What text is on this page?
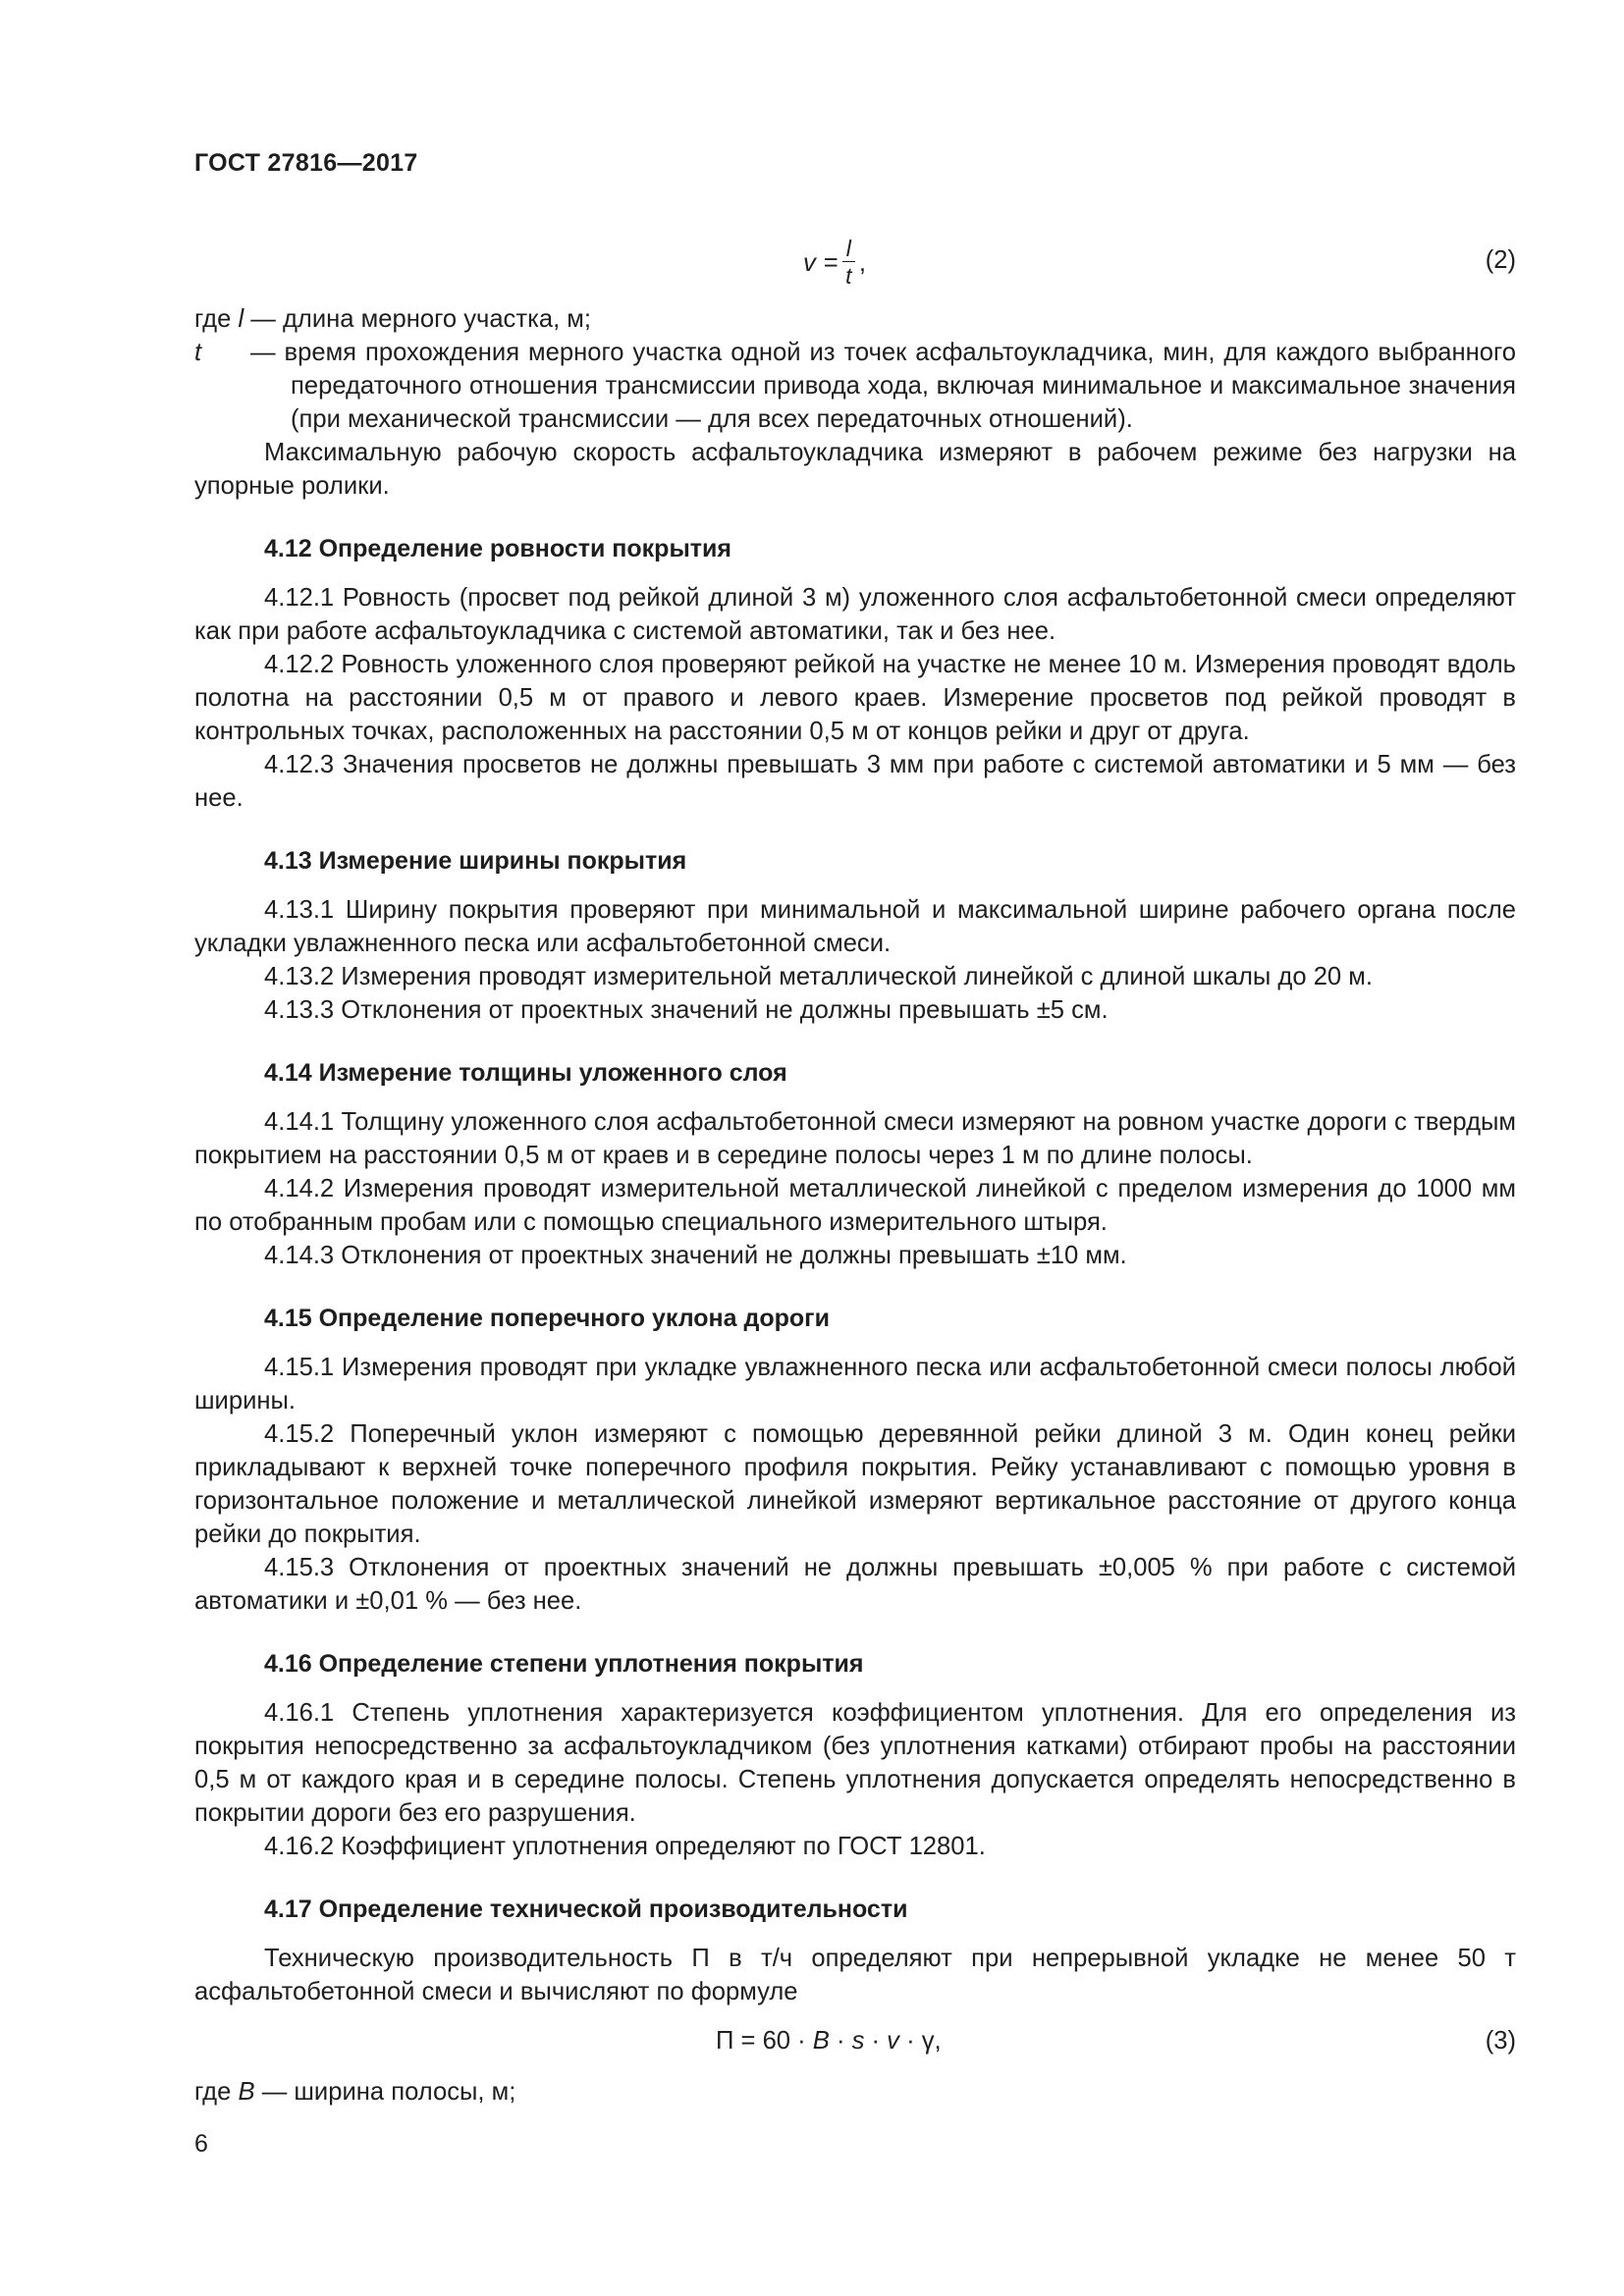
ГОСТ 27816—2017
$v = \frac{l}{t}$ ,	(2)

где l — длина мерного участка, м;

t — время прохождения мерного участка одной из точек асфальтоукладчика, мин, для каждого выбранного передаточного отношения трансмиссии привода хода, включая минимальное и максимальное значения (при механической трансмиссии — для всех передаточных отношений).

Максимальную рабочую скорость асфальтоукладчика измеряют в рабочем режиме без нагрузки на упорные ролики.

4.12 Определение ровности покрытия

4.12.1 Ровность (просвет под рейкой длиной 3 м) уложенного слоя асфальтобетонной смеси определяют как при работе асфальтоукладчика с системой автоматики, так и без нее.

4.12.2 Ровность уложенного слоя проверяют рейкой на участке не менее 10 м. Измерения проводят вдоль полотна на расстоянии 0,5 м от правого и левого краев. Измерение просветов под рейкой проводят в контрольных точках, расположенных на расстоянии 0,5 м от концов рейки и друг от друга.

4.12.3 Значения просветов не должны превышать 3 мм при работе с системой автоматики и 5 мм — без нее.

4.13 Измерение ширины покрытия

4.13.1 Ширину покрытия проверяют при минимальной и максимальной ширине рабочего органа после укладки увлажненного песка или асфальтобетонной смеси.

4.13.2 Измерения проводят измерительной металлической линейкой с длиной шкалы до 20 м.

4.13.3 Отклонения от проектных значений не должны превышать ±5 см.

4.14 Измерение толщины уложенного слоя

4.14.1 Толщину уложенного слоя асфальтобетонной смеси измеряют на ровном участке дороги с твердым покрытием на расстоянии 0,5 м от краев и в середине полосы через 1 м по длине полосы.

4.14.2 Измерения проводят измерительной металлической линейкой с пределом измерения до 1000 мм по отобранным пробам или с помощью специального измерительного штыря.

4.14.3 Отклонения от проектных значений не должны превышать ±10 мм.

4.15 Определение поперечного уклона дороги

4.15.1 Измерения проводят при укладке увлажненного песка или асфальтобетонной смеси полосы любой ширины.

4.15.2 Поперечный уклон измеряют с помощью деревянной рейки длиной 3 м. Один конец рейки прикладывают к верхней точке поперечного профиля покрытия. Рейку устанавливают с помощью уровня в горизонтальное положение и металлической линейкой измеряют вертикальное расстояние от другого конца рейки до покрытия.

4.15.3 Отклонения от проектных значений не должны превышать ±0,005 % при работе с системой автоматики и ±0,01 % — без нее.

4.16 Определение степени уплотнения покрытия

4.16.1 Степень уплотнения характеризуется коэффициентом уплотнения. Для его определения из покрытия непосредственно за асфальтоукладчиком (без уплотнения катками) отбирают пробы на расстоянии 0,5 м от каждого края и в середине полосы. Степень уплотнения допускается определять непосредственно в покрытии дороги без его разрушения.

4.16.2 Коэффициент уплотнения определяют по ГОСТ 12801.

4.17 Определение технической производительности

Техническую производительность П в т/ч определяют при непрерывной укладке не менее 50 т асфальтобетонной смеси и вычисляют по формуле

П = 60 · B · s · v · γ,	(3)

где B — ширина полосы, м;

6
